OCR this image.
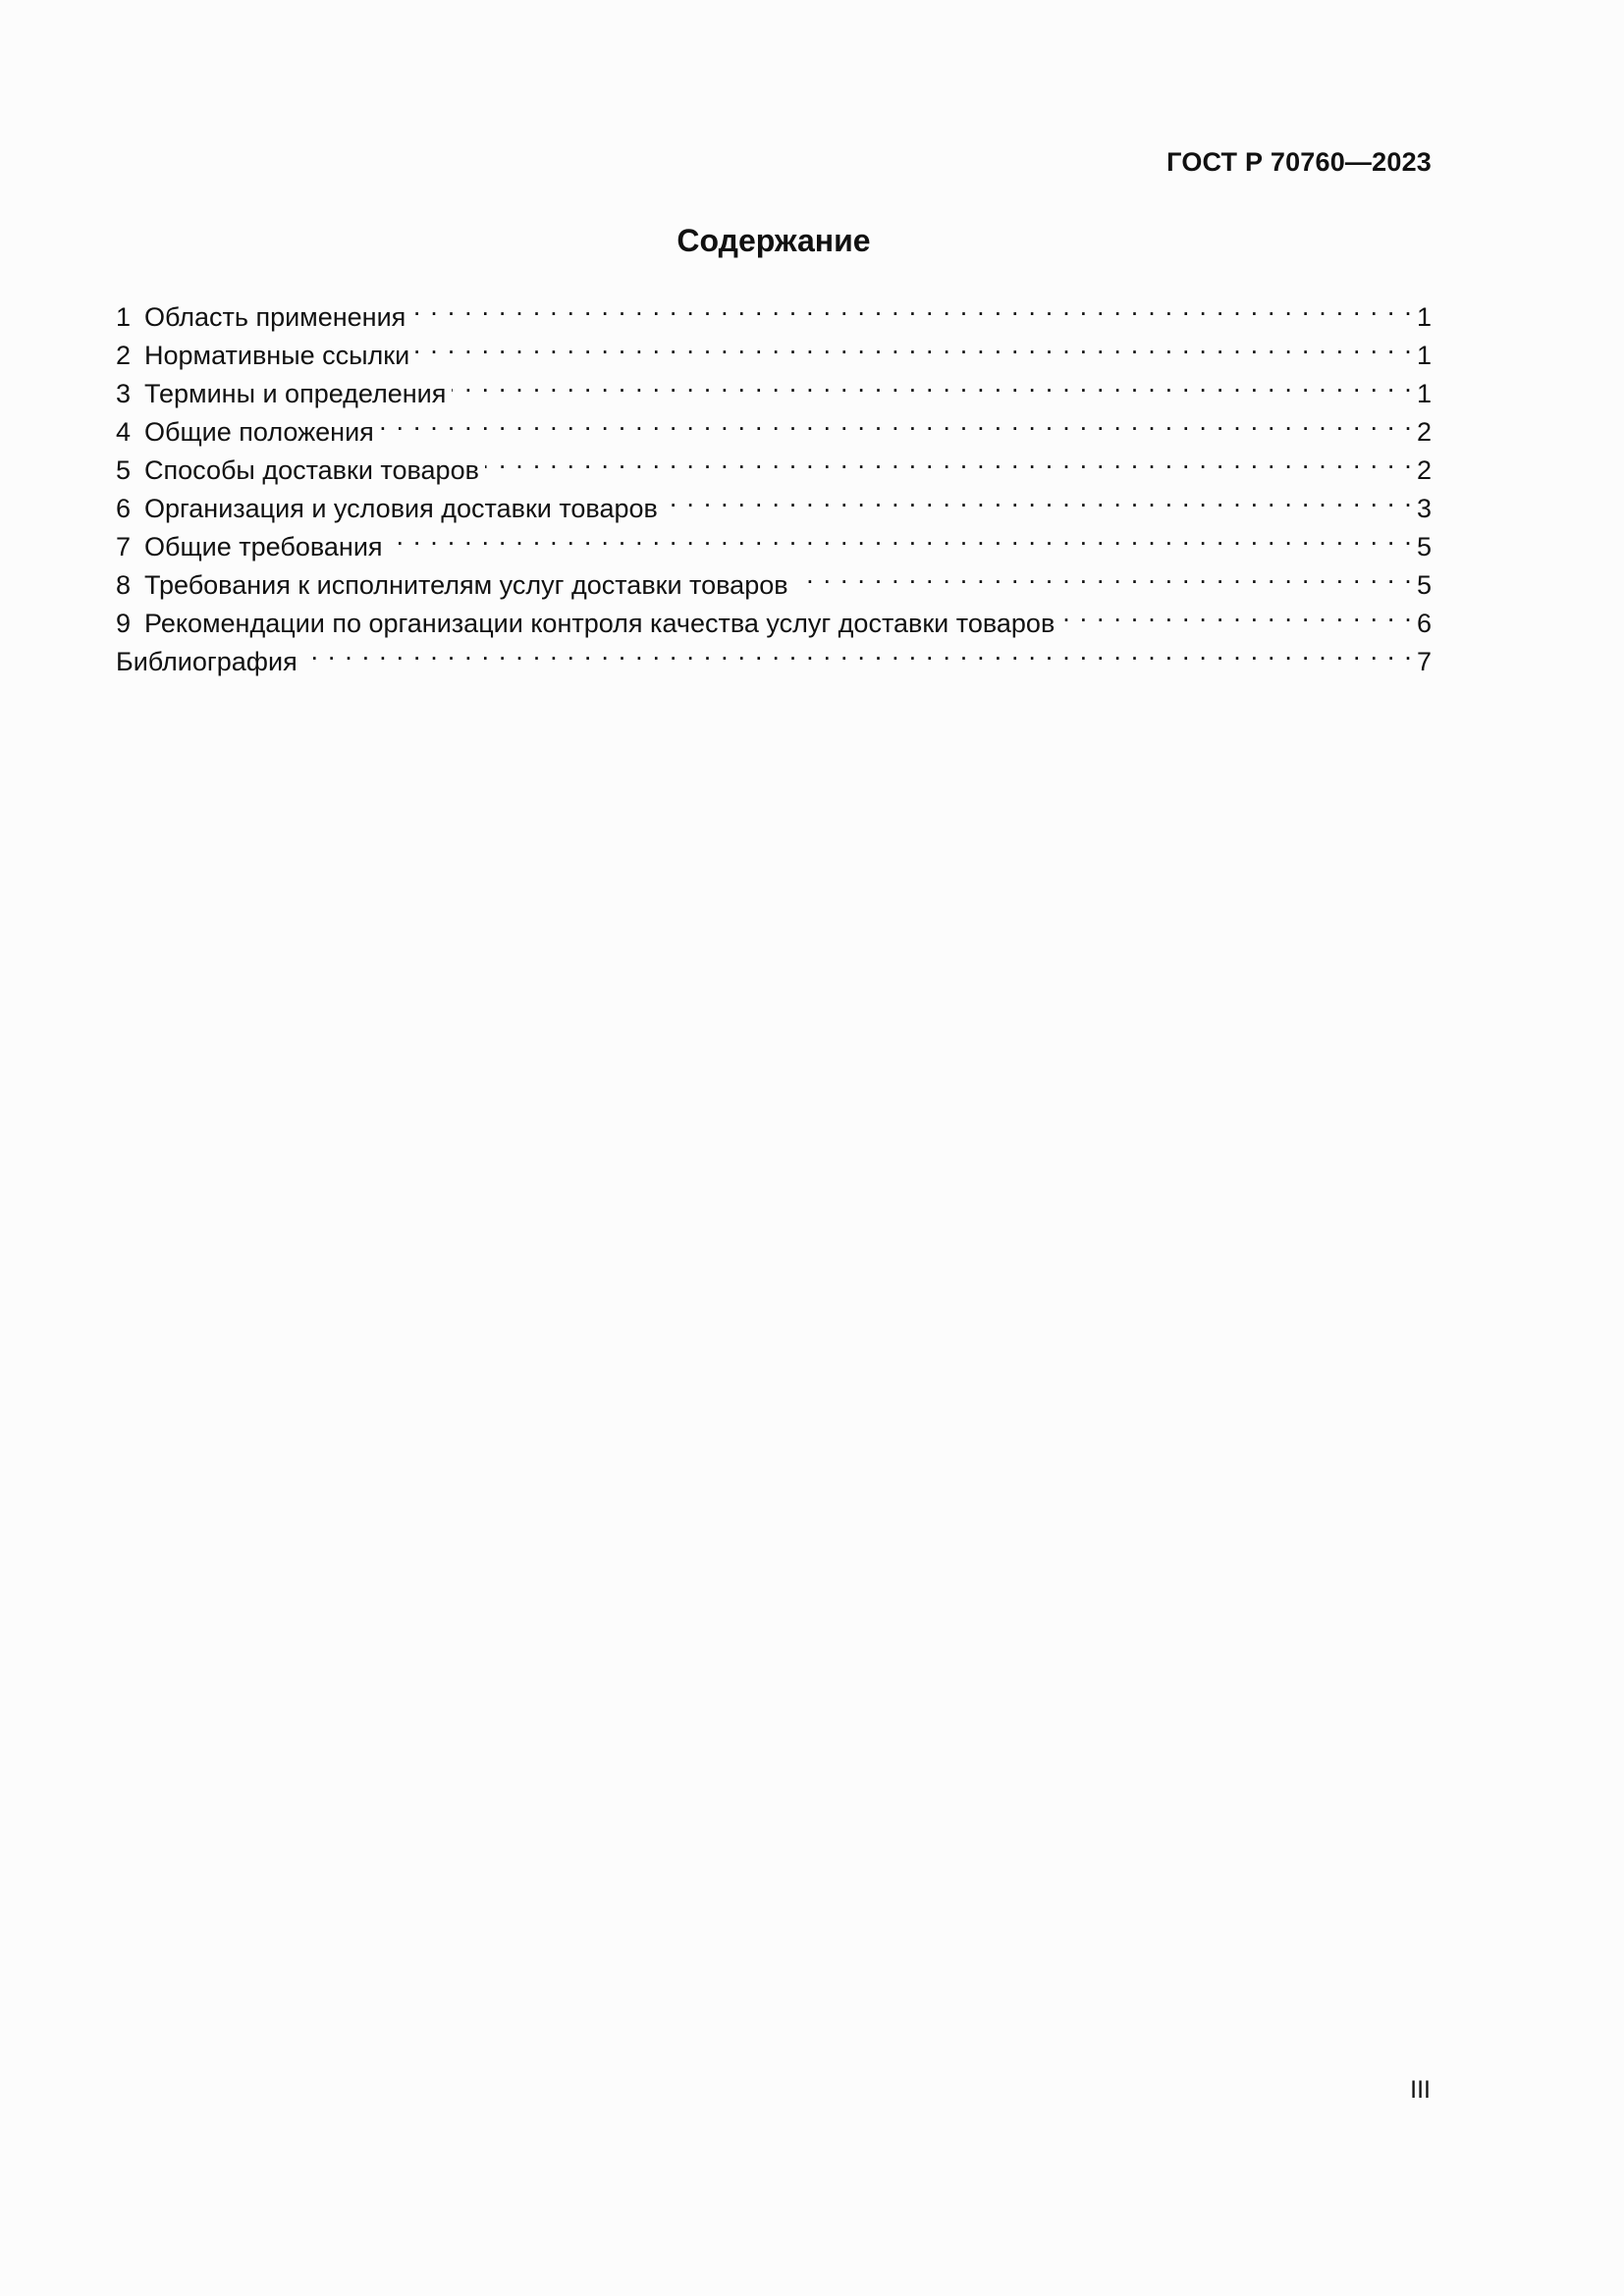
ГОСТ Р 70760—2023
Содержание
1 Область применения . . .	1
2 Нормативные ссылки . . .	1
3 Термины и определения . . .	1
4 Общие положения . . .	2
5 Способы доставки товаров . . .	2
6 Организация и условия доставки товаров . . .	3
7 Общие требования . . .	5
8 Требования к исполнителям услуг доставки товаров . . .	5
9 Рекомендации по организации контроля качества услуг доставки товаров . . .	6
Библиография . . .	7
III
